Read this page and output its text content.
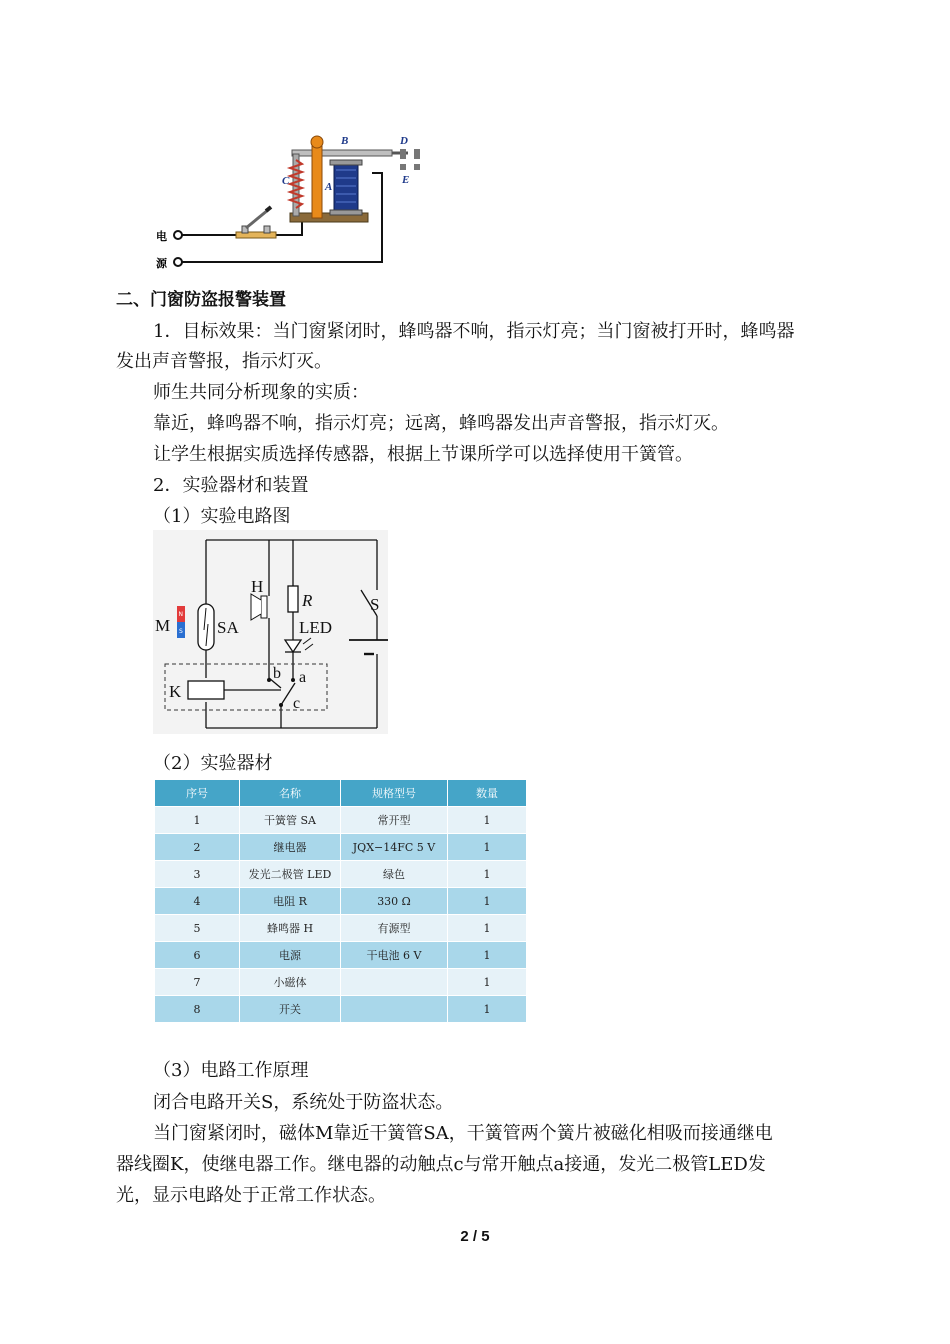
电
源
B	D
E
C	A
二、门窗防盗报警装置
1．目标效果：当门窗紧闭时，蜂鸣器不响，指示灯亮；当门窗被打开时，蜂鸣器
发出声音警报，指示灯灭。
师生共同分析现象的实质：
靠近，蜂鸣器不响，指示灯亮；远离，蜂鸣器发出声音警报，指示灯灭。
让学生根据实质选择传感器，根据上节课所学可以选择使用干簧管。
2．实验器材和装置
（1）实验电路图
N
S
M	SA
H
R
LED
S
K
b a
c
（2）实验器材
序号	名称	规格型号	数量
1	干簧管 SA	常开型	1
2	继电器	JQX−14FC 5 V	1
3	发光二极管 LED	绿色	1
4	电阻 R	330 Ω	1
5	蜂鸣器 H	有源型	1
6	电源	干电池 6 V	1
7	小磁体		1
8	开关		1
（3）电路工作原理
闭合电路开关S，系统处于防盗状态。
当门窗紧闭时，磁体M靠近干簧管SA，干簧管两个簧片被磁化相吸而接通继电
器线圈K，使继电器工作。继电器的动触点c与常开触点a接通，发光二极管LED发
光，显示电路处于正常工作状态。
2 / 5
